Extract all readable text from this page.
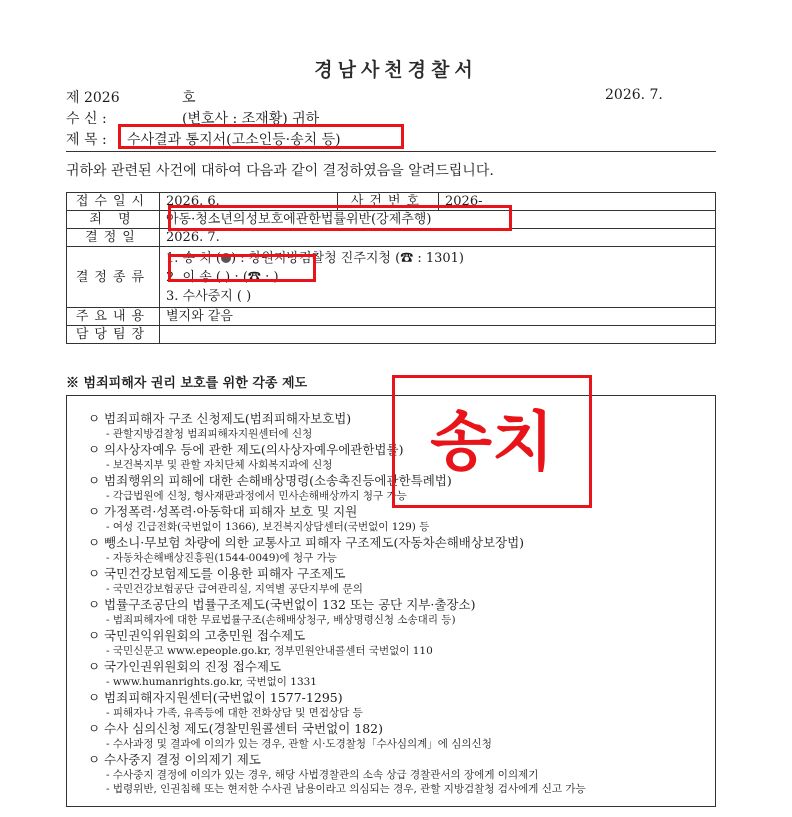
경남사천경찰서
제 2026	호	2026. 7.
수 신 :	(변호사 : 조재황) 귀하
제 목 : 수사결과 통지서(고소인등·송치 등)
귀하와 관련된 사건에 대하여 다음과 같이 결정하였음을 알려드립니다.
접수일시	2026. 6.	사건번호	2026-
죄 명	아동·청소년의성보호에관한법률위반(강제추행)		
결정일	2026. 7.		
결정종류	1. 송 치 ( ) : 창원지방검찰청 진주지청 (☎ : 1301)
2. 이 송 ( ) : (☎ : )
3. 수사중지 ( )		

주요내용	별지와 같음		
담당팀장			
※ 범죄피해자 권리 보호를 위한 각종 제도
ㅇ 범죄피해자 구조 신청제도(범죄피해자보호법)
- 관할지방검찰청 범죄피해자지원센터에 신청
ㅇ 의사상자예우 등에 관한 제도(의사상자예우에관한법률)
- 보건복지부 및 관할 자치단체 사회복지과에 신청
ㅇ 범죄행위의 피해에 대한 손해배상명령(소송촉진등에관한특례법)
- 각급법원에 신청, 형사재판과정에서 민사손해배상까지 청구 가능
ㅇ 가정폭력·성폭력·아동학대 피해자 보호 및 지원
- 여성 긴급전화(국번없이 1366), 보건복지상담센터(국번없이 129) 등
ㅇ 뺑소니·무보험 차량에 의한 교통사고 피해자 구조제도(자동차손해배상보장법)
- 자동차손해배상진흥원(1544-0049)에 청구 가능
ㅇ 국민건강보험제도를 이용한 피해자 구조제도
- 국민건강보험공단 급여관리실, 지역별 공단지부에 문의
ㅇ 법률구조공단의 법률구조제도(국번없이 132 또는 공단 지부·출장소)
- 범죄피해자에 대한 무료법률구조(손해배상청구, 배상명령신청 소송대리 등)
ㅇ 국민권익위원회의 고충민원 접수제도
- 국민신문고 www.epeople.go.kr, 정부민원안내콜센터 국번없이 110
ㅇ 국가인권위원회의 진정 접수제도
- www.humanrights.go.kr, 국번없이 1331
ㅇ 범죄피해자지원센터(국번없이 1577-1295)
- 피해자나 가족, 유족등에 대한 전화상담 및 면접상담 등
ㅇ 수사 심의신청 제도(경찰민원콜센터 국번없이 182)
- 수사과정 및 결과에 이의가 있는 경우, 관할 시·도경찰청「수사심의계」에 심의신청
ㅇ 수사중지 결정 이의제기 제도
- 수사중지 결정에 이의가 있는 경우, 해당 사법경찰관의 소속 상급 경찰관서의 장에게 이의제기
- 법령위반, 인권침해 또는 현저한 수사권 남용이라고 의심되는 경우, 관할 지방검찰청 검사에게 신고 가능
송치
